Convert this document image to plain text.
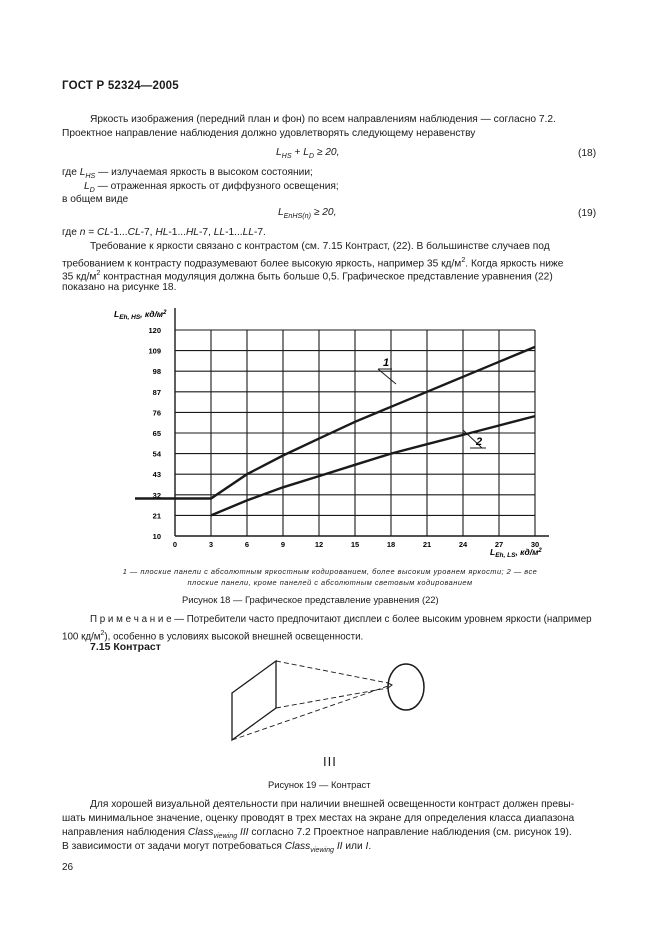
ГОСТ Р 52324—2005
Яркость изображения (передний план и фон) по всем направлениям наблюдения — согласно 7.2.
Проектное направление наблюдения должно удовлетворять следующему неравенству
$L_{HS} + L_D \ge 20$,	(18)
где $L_{HS}$ — излучаемая яркость в высоком состоянии;
$L_D$ — отраженная яркость от диффузного освещения;
в общем виде
$L_{EnHS(n)} \ge 20$,	(19)
где n = CL-1...CL-7, HL-1...HL-7, LL-1...LL-7.
Требование к яркости связано с контрастом (см. 7.15 Контраст, (22). В большинстве случаев под
требованием к контрасту подразумевают более высокую яркость, например 35 $кд/м^2$. Когда яркость ниже
35 $кд/м^2$ контрастная модуляция должна быть больше 0,5. Графическое представление уравнения (22)
показано на рисунке 18.
0	3	6	9	12	15	18	21	24	27	30
10
21
32
43
54
65
76
87
98
109
120
$L_{Eh, HS}$, $кд/м^2$
$L_{Eh, LS}$, $кд/м^2$
1
2
1 — плоские панели с абсолютным яркостным кодированием, более высоким уровнем яркости; 2 — все
плоские панели, кроме панелей с абсолютным световым кодированием
Рисунок 18 — Графическое представление уравнения (22)
П р и м е ч а н и е — Потребители часто предпочитают дисплеи с более высоким уровнем яркости (например
100 $кд/м^2$), особенно в условиях высокой внешней освещенности.
7.15 Контраст
III
Рисунок 19 — Контраст
Для хорошей визуальной деятельности при наличии внешней освещенности контраст должен превы-
шать минимальное значение, оценку проводят в трех местах на экране для определения класса диапазона
направления наблюдения Class$_{viewing}$ III согласно 7.2 Проектное направление наблюдения (см. рисунок 19).
В зависимости от задачи могут потребоваться Class$_{viewing}$ II или I.
26
